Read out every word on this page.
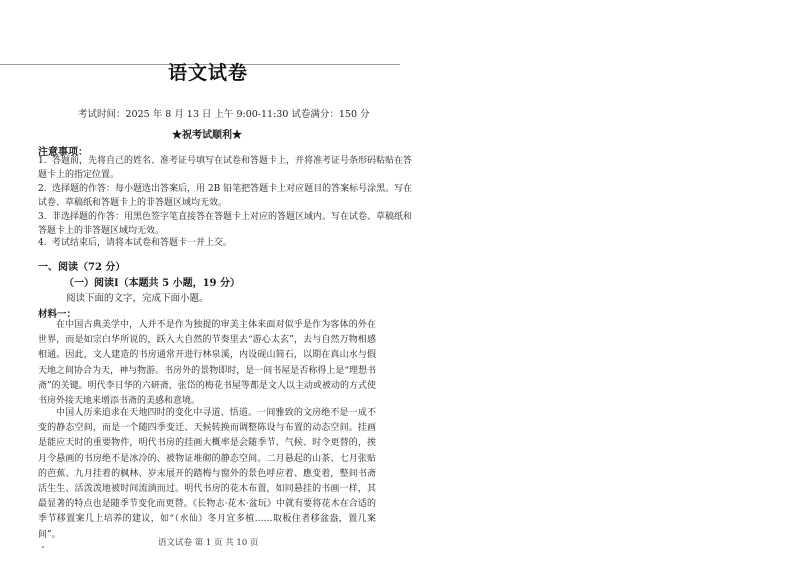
语文试卷
考试时间：2025 年 8 月 13 日 上午 9:00-11:30 试卷满分：150 分
★祝考试顺利★
注意事项：
1. 答题前，先将自己的姓名、准考证号填写在试卷和答题卡上，并将准考证号条形码粘贴在答题卡上的指定位置。
2. 选择题的作答：每小题选出答案后，用 2B 铅笔把答题卡上对应题目的答案标号涂黑。写在试卷、草稿纸和答题卡上的非答题区域均无效。
3. 非选择题的作答：用黑色签字笔直接答在答题卡上对应的答题区域内。写在试卷、草稿纸和答题卡上的非答题区域均无效。
4. 考试结束后，请将本试卷和答题卡一并上交。
一、阅读（72 分）
（一）阅读I（本题共 5 小题，19 分）
阅读下面的文字，完成下面小题。
材料一：
在中国古典美学中，人并不是作为独提的审美主体来面对似乎是作为客体的外在世界，而是如宗白华所说的，跃入大自然的节奏里去“游心太玄”，去与自然万物相感相通。因此，文人建造的书房通常开进行林泉溪，内设砚山简石，以期在真山水与假天地之间协合为天，神与物游。书房外的景物即时，是一间书屋是否称得上是“理想书斋”的关键。明代李日华的六研斋，张岱的梅花书屋等都是文人以主动或被动的方式使书房外接天地来增添书斋的美感和意境。
中国人历来追求在天地四时的变化中寻道、悟道。一间雅致的文房绝不是一成不变的静态空间，而是一个随四季变迁、天候转换而调整陈设与布置的动态空间。挂画是能应天时的重要物件，明代书房的挂画大概率是会随季节、气候、时令更替的，挨月令悬画的书房绝不是冰冷的、被物证堆砌的静态空间。二月悬起的山茶、七月张贴的芭蕉、九月挂着的枫林、岁末展开的踏梅与窗外的景色呼应着、應变着，整间书斋活生生、活泼泼地被时间流淌而过。明代书房的花木布置，如同悬挂的书画一样，其最显著的特点也是随季节变化而更替。《长物志·花木·盆玩》中就有要将花木在合适的季节移置案几上培养的建议，如“（水仙）冬月宜多植……取板住者移盆盎，置几案间”。
语文试卷 第 1 页 共 10 页
